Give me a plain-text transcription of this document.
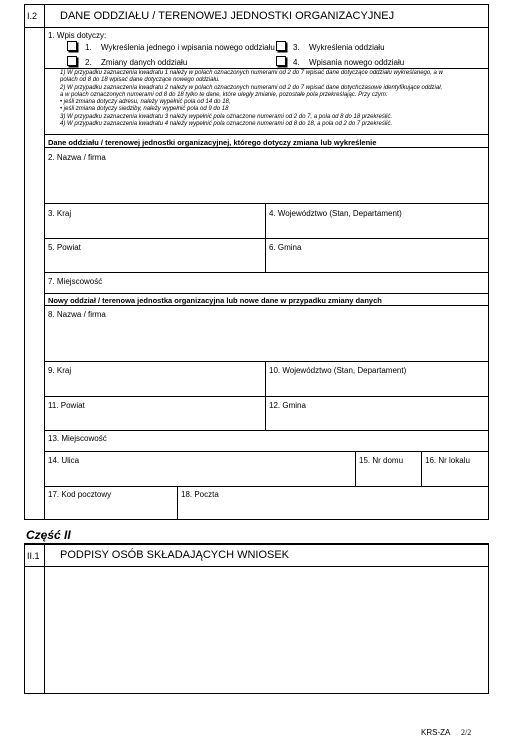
I.2 DANE ODDZIAŁU / TERENOWEJ JEDNOSTKI ORGANIZACYJNEJ
1. Wpis dotyczy:
1. Wykreślenia jednego i wpisania nowego oddziału 3. Wykreślenia oddziału
2. Zmiany danych oddziału	4. Wpisania nowego oddziału
1) W przypadku zaznaczenia kwadratu 1 należy w polach oznaczonych numerami od 2 do 7 wpisać dane dotyczące oddziału wykreślanego, a w
polach od 8 do 18 wpisać dane dotyczące nowego oddziału.
2) W przypadku zaznaczenia kwadratu 2 należy w polach oznaczonych numerami od 2 do 7 wpisać dane dotychczasowe identyfikujące oddział,
a w polach oznaczonych numerami od 8 do 18 tylko te dane, które uległy zmianie, pozostałe pola przekreślając. Przy czym:
• jeśli zmiana dotyczy adresu, należy wypełnić pola od 14 do 18,
• jeśli zmiana dotyczy siedziby, należy wypełnić pola od 9 do 18
3) W przypadku zaznaczenia kwadratu 3 należy wypełnić pola oznaczone numerami od 2 do 7, a pola od 8 do 18 przekreślić.
4) W przypadku zaznaczenia kwadratu 4 należy wypełnić pola oznaczone numerami od 8 do 18, a pola od 2 do 7 przekreślić.
Dane oddziału / terenowej jednostki organizacyjnej, którego dotyczy zmiana lub wykreślenie
2. Nazwa / firma
3. Kraj	4. Województwo (Stan, Departament)
5. Powiat	6. Gmina
7. Miejscowość
Nowy oddział / terenowa jednostka organizacyjna lub nowe dane w przypadku zmiany danych
8. Nazwa / firma
9. Kraj	10. Województwo (Stan, Departament)
11. Powiat	12. Gmina
13. Miejscowość
14. Ulica	15. Nr domu	16. Nr lokalu
17. Kod pocztowy	18. Poczta
Część II
II.1 PODPISY OSÓB SKŁADAJĄCYCH WNIOSEK
KRS-ZA 2/2
